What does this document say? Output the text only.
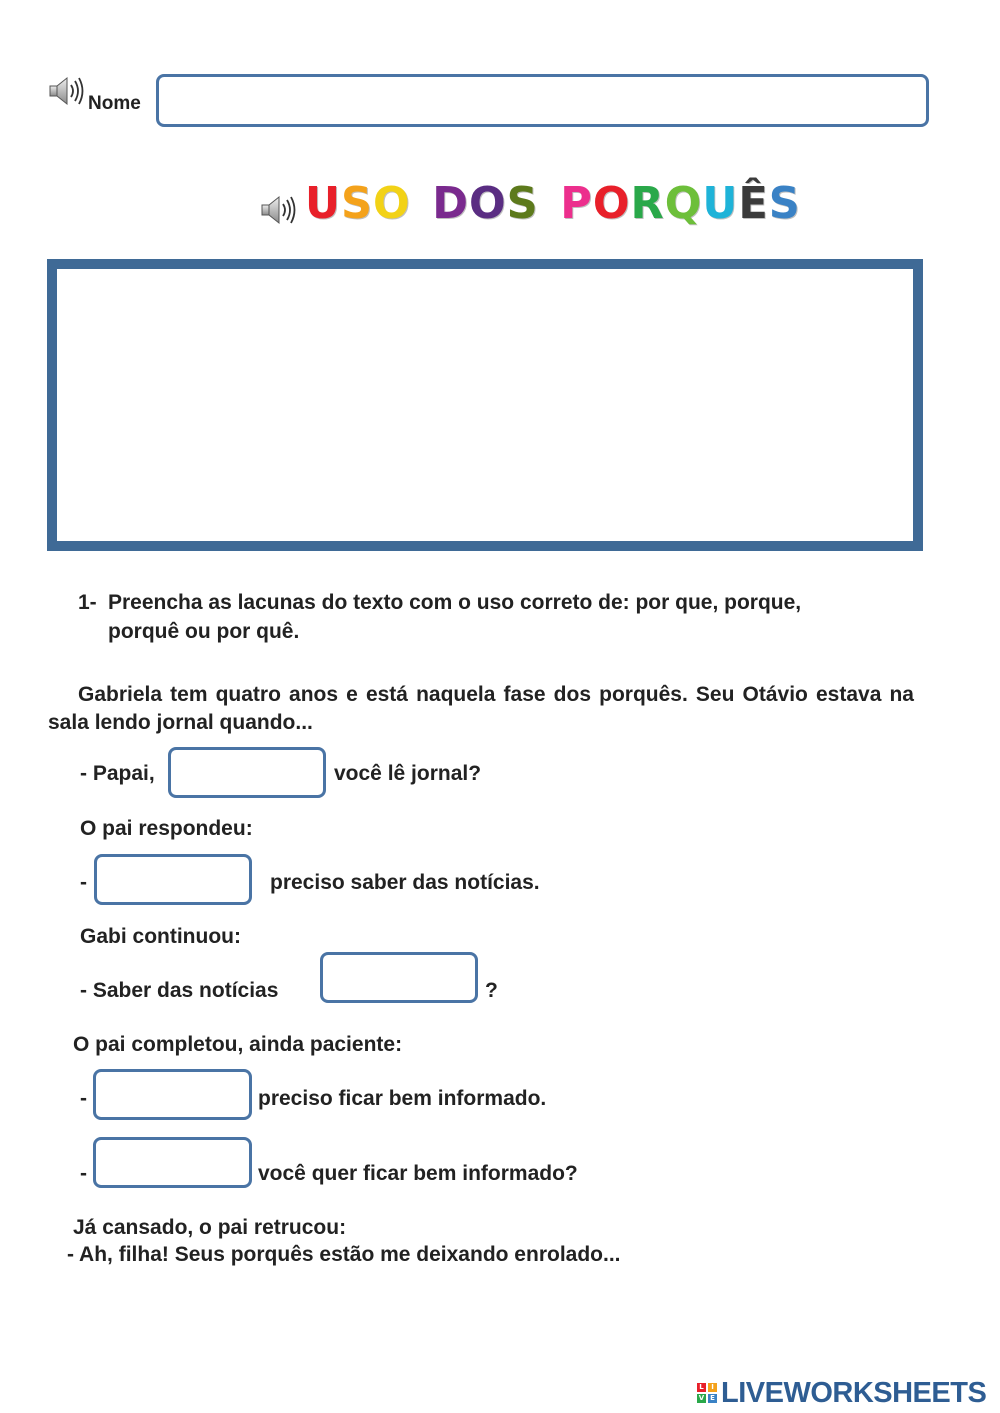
Nome
USO DOS PORQUÊS
1- Preencha as lacunas do texto com o uso correto de: por que, porque,
porquê ou por quê.
Gabriela tem quatro anos e está naquela fase dos porquês. Seu Otávio estava na sala lendo jornal quando...
- Papai,	você lê jornal?
O pai respondeu:
-	preciso saber das notícias.
Gabi continuou:
- Saber das notícias	?
O pai completou, ainda paciente:
-	preciso ficar bem informado.
-	você quer ficar bem informado?
Já cansado, o pai retrucou:
- Ah, filha! Seus porquês estão me deixando enrolado...
L	I
V E LIVEWORKSHEETS
